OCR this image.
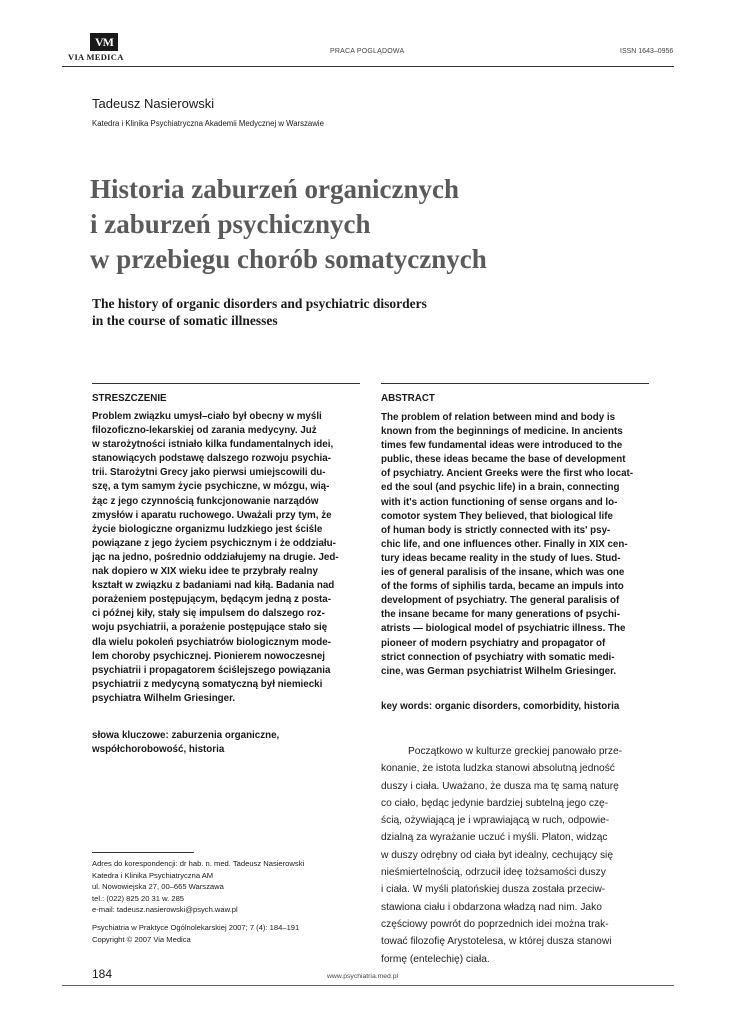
VM
VIA MEDICA
PRACA POGLĄDOWA	ISSN 1643–0956
Tadeusz Nasierowski
Katedra i Klinika Psychiatryczna Akademii Medycznej w Warszawie
Historia zaburzeń organicznych
i zaburzeń psychicznych
w przebiegu chorób somatycznych
The history of organic disorders and psychiatric disorders
in the course of somatic illnesses
STRESZCZENIE
Problem związku umysł–ciało był obecny w myśli
filozoficzno-lekarskiej od zarania medycyny. Już
w starożytności istniało kilka fundamentalnych idei,
stanowiących podstawę dalszego rozwoju psychia-
trii. Starożytni Grecy jako pierwsi umiejscowili du-
szę, a tym samym życie psychiczne, w mózgu, wią-
żąc z jego czynnością funkcjonowanie narządów
zmysłów i aparatu ruchowego. Uważali przy tym, że
życie biologiczne organizmu ludzkiego jest ściśle
powiązane z jego życiem psychicznym i że oddziału-
jąc na jedno, pośrednio oddziałujemy na drugie. Jed-
nak dopiero w XIX wieku idee te przybrały realny
kształt w związku z badaniami nad kiłą. Badania nad
porażeniem postępującym, będącym jedną z posta-
ci późnej kiły, stały się impulsem do dalszego roz-
woju psychiatrii, a porażenie postępujące stało się
dla wielu pokoleń psychiatrów biologicznym mode-
lem choroby psychicznej. Pionierem nowoczesnej
psychiatrii i propagatorem ściślejszego powiązania
psychiatrii z medycyną somatyczną był niemiecki
psychiatra Wilhelm Griesinger.
słowa kluczowe: zaburzenia organiczne,
współchorobowość, historia
ABSTRACT
The problem of relation between mind and body is
known from the beginnings of medicine. In ancients
times few fundamental ideas were introduced to the
public, these ideas became the base of development
of psychiatry. Ancient Greeks were the first who locat-
ed the soul (and psychic life) in a brain, connecting
with it's action functioning of sense organs and lo-
comotor system They believed, that biological life
of human body is strictly connected with its' psy-
chic life, and one influences other. Finally in XIX cen-
tury ideas became reality in the study of lues. Stud-
ies of general paralisis of the insane, which was one
of the forms of siphilis tarda, became an impuls into
development of psychiatry. The general paralisis of
the insane became for many generations of psychi-
atrists — biological model of psychiatric illness. The
pioneer of modern psychiatry and propagator of
strict connection of psychiatry with somatic medi-
cine, was German psychiatrist Wilhelm Griesinger.
key words: organic disorders, comorbidity, historia
Początkowo w kulturze greckiej panowało prze-
konanie, że istota ludzka stanowi absolutną jedność
duszy i ciała. Uważano, że dusza ma tę samą naturę
co ciało, będąc jedynie bardziej subtelną jego czę-
ścią, ożywiającą je i wprawiającą w ruch, odpowie-
dzialną za wyrażanie uczuć i myśli. Platon, widząc
w duszy odrębny od ciała byt idealny, cechujący się
nieśmiertelnością, odrzucił ideę tożsamości duszy
i ciała. W myśli platońskiej dusza została przeciw-
stawiona ciału i obdarzona władzą nad nim. Jako
częściowy powrót do poprzednich idei można trak-
tować filozofię Arystotelesa, w której dusza stanowi
formę (entelechię) ciała.
Adres do korespondencji: dr hab. n. med. Tadeusz Nasierowski
Katedra i Klinika Psychiatryczna AM
ul. Nowowiejska 27, 00–665 Warszawa
tel.: (022) 825 20 31 w. 285
e-mail: tadeusz.nasierowski@psych.waw.pl
Psychiatria w Praktyce Ogólnolekarskiej 2007; 7 (4): 184–191
Copyright © 2007 Via Medica
184	www.psychiatria.med.pl
